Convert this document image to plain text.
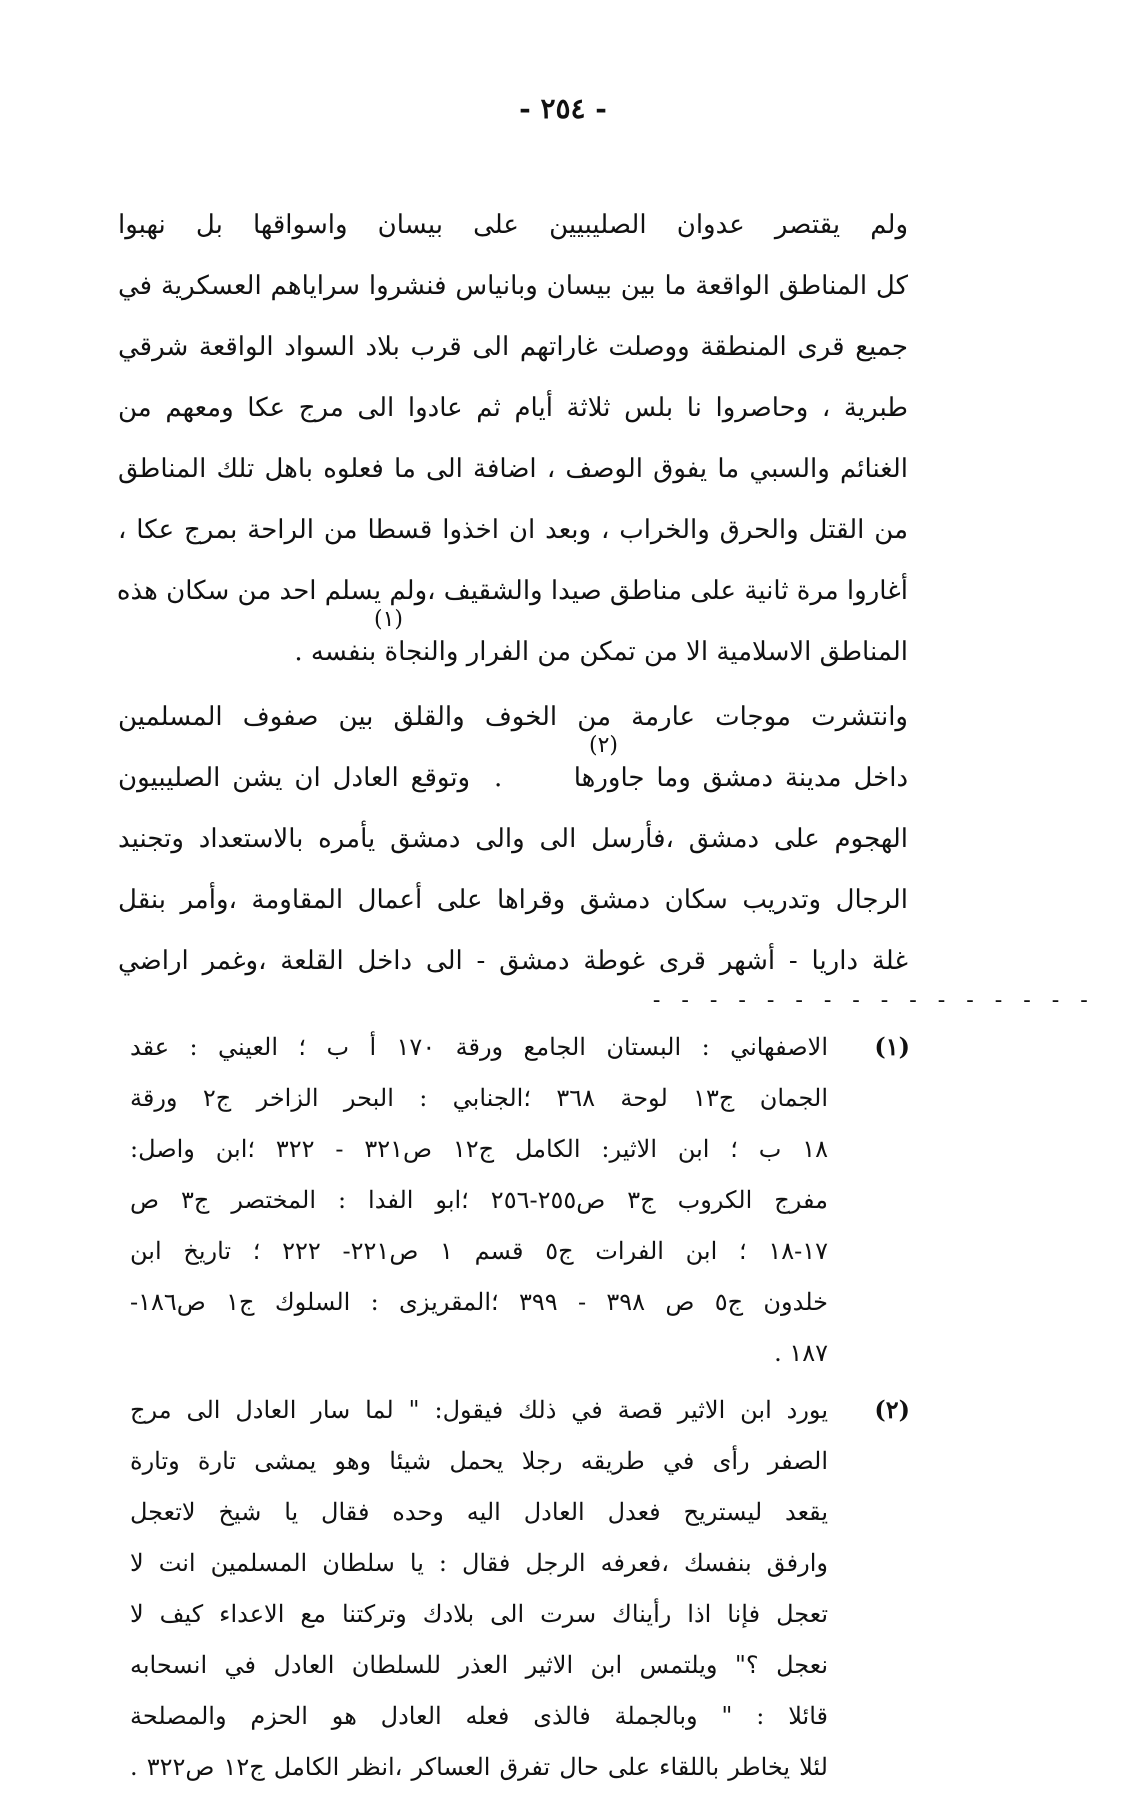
- ٢٥٤ -
ولم يقتصر عدوان الصليبيين على بيسان واسواقها بل نهبوا
كل المناطق الواقعة ما بين بيسان وبانياس فنشروا سراياهم العسكرية في
جميع قرى المنطقة ووصلت غاراتهم الى قرب بلاد السواد الواقعة شرقي
طبرية ، وحاصروا نا بلس ثلاثة أيام ثم عادوا الى مرج عكا ومعهم من
الغنائم والسبي ما يفوق الوصف ، اضافة الى ما فعلوه باهل تلك المناطق
من القتل والحرق والخراب ، وبعد ان اخذوا قسطا من الراحة بمرج عكا ،
أغاروا مرة ثانية على مناطق صيدا والشقيف ،ولم يسلم احد من سكان هذه
المناطق الاسلامية الا من تمكن من الفرار والنجاة بنفسه
(١)
.
وانتشرت موجات عارمة من الخوف والقلق بين صفوف المسلمين
داخل مدينة دمشق وما جاورها
(٢)
.  وتوقع العادل ان يشن الصليبيون
الهجوم على دمشق ،فأرسل الى والى دمشق يأمره بالاستعداد وتجنيد
الرجال وتدريب سكان دمشق وقراها على أعمال المقاومة ،وأمر بنقل
غلة داريا - أشهر قرى غوطة دمشق - الى داخل القلعة ،وغمر اراضي
- - - - - - - - - - - - - - - -
(١)
الاصفهاني : البستان الجامع ورقة ١٧٠ أ ب ؛ العيني : عقد
الجمان ج١٣ لوحة ٣٦٨ ؛الجنابي : البحر الزاخر ج٢ ورقة
١٨ ب ؛ ابن الاثير: الكامل ج١٢ ص٣٢١ - ٣٢٢ ؛ابن واصل:
مفرج الكروب ج٣ ص٢٥٥-٢٥٦ ؛ابو الفدا : المختصر ج٣ ص
١٧-١٨ ؛ ابن الفرات ج٥ قسم ١ ص٢٢١- ٢٢٢ ؛ تاريخ ابن
خلدون ج٥ ص ٣٩٨ - ٣٩٩ ؛المقريزى : السلوك ج١ ص١٨٦-
١٨٧ .
(٢)
يورد ابن الاثير قصة في ذلك فيقول: " لما سار العادل الى مرج
الصفر رأى في طريقه رجلا يحمل شيئا وهو يمشى تارة وتارة
يقعد ليستريح فعدل العادل اليه وحده فقال يا شيخ لاتعجل
وارفق بنفسك ،فعرفه الرجل فقال : يا سلطان المسلمين انت لا
تعجل فإنا اذا رأيناك سرت الى بلادك وتركتنا مع الاعداء كيف لا
نعجل ؟" ويلتمس ابن الاثير العذر للسلطان العادل في انسحابه
قائلا : " وبالجملة فالذى فعله العادل هو الحزم والمصلحة
لئلا يخاطر باللقاء على حال تفرق العساكر ،انظر الكامل ج١٢ ص٣٢٢ .
